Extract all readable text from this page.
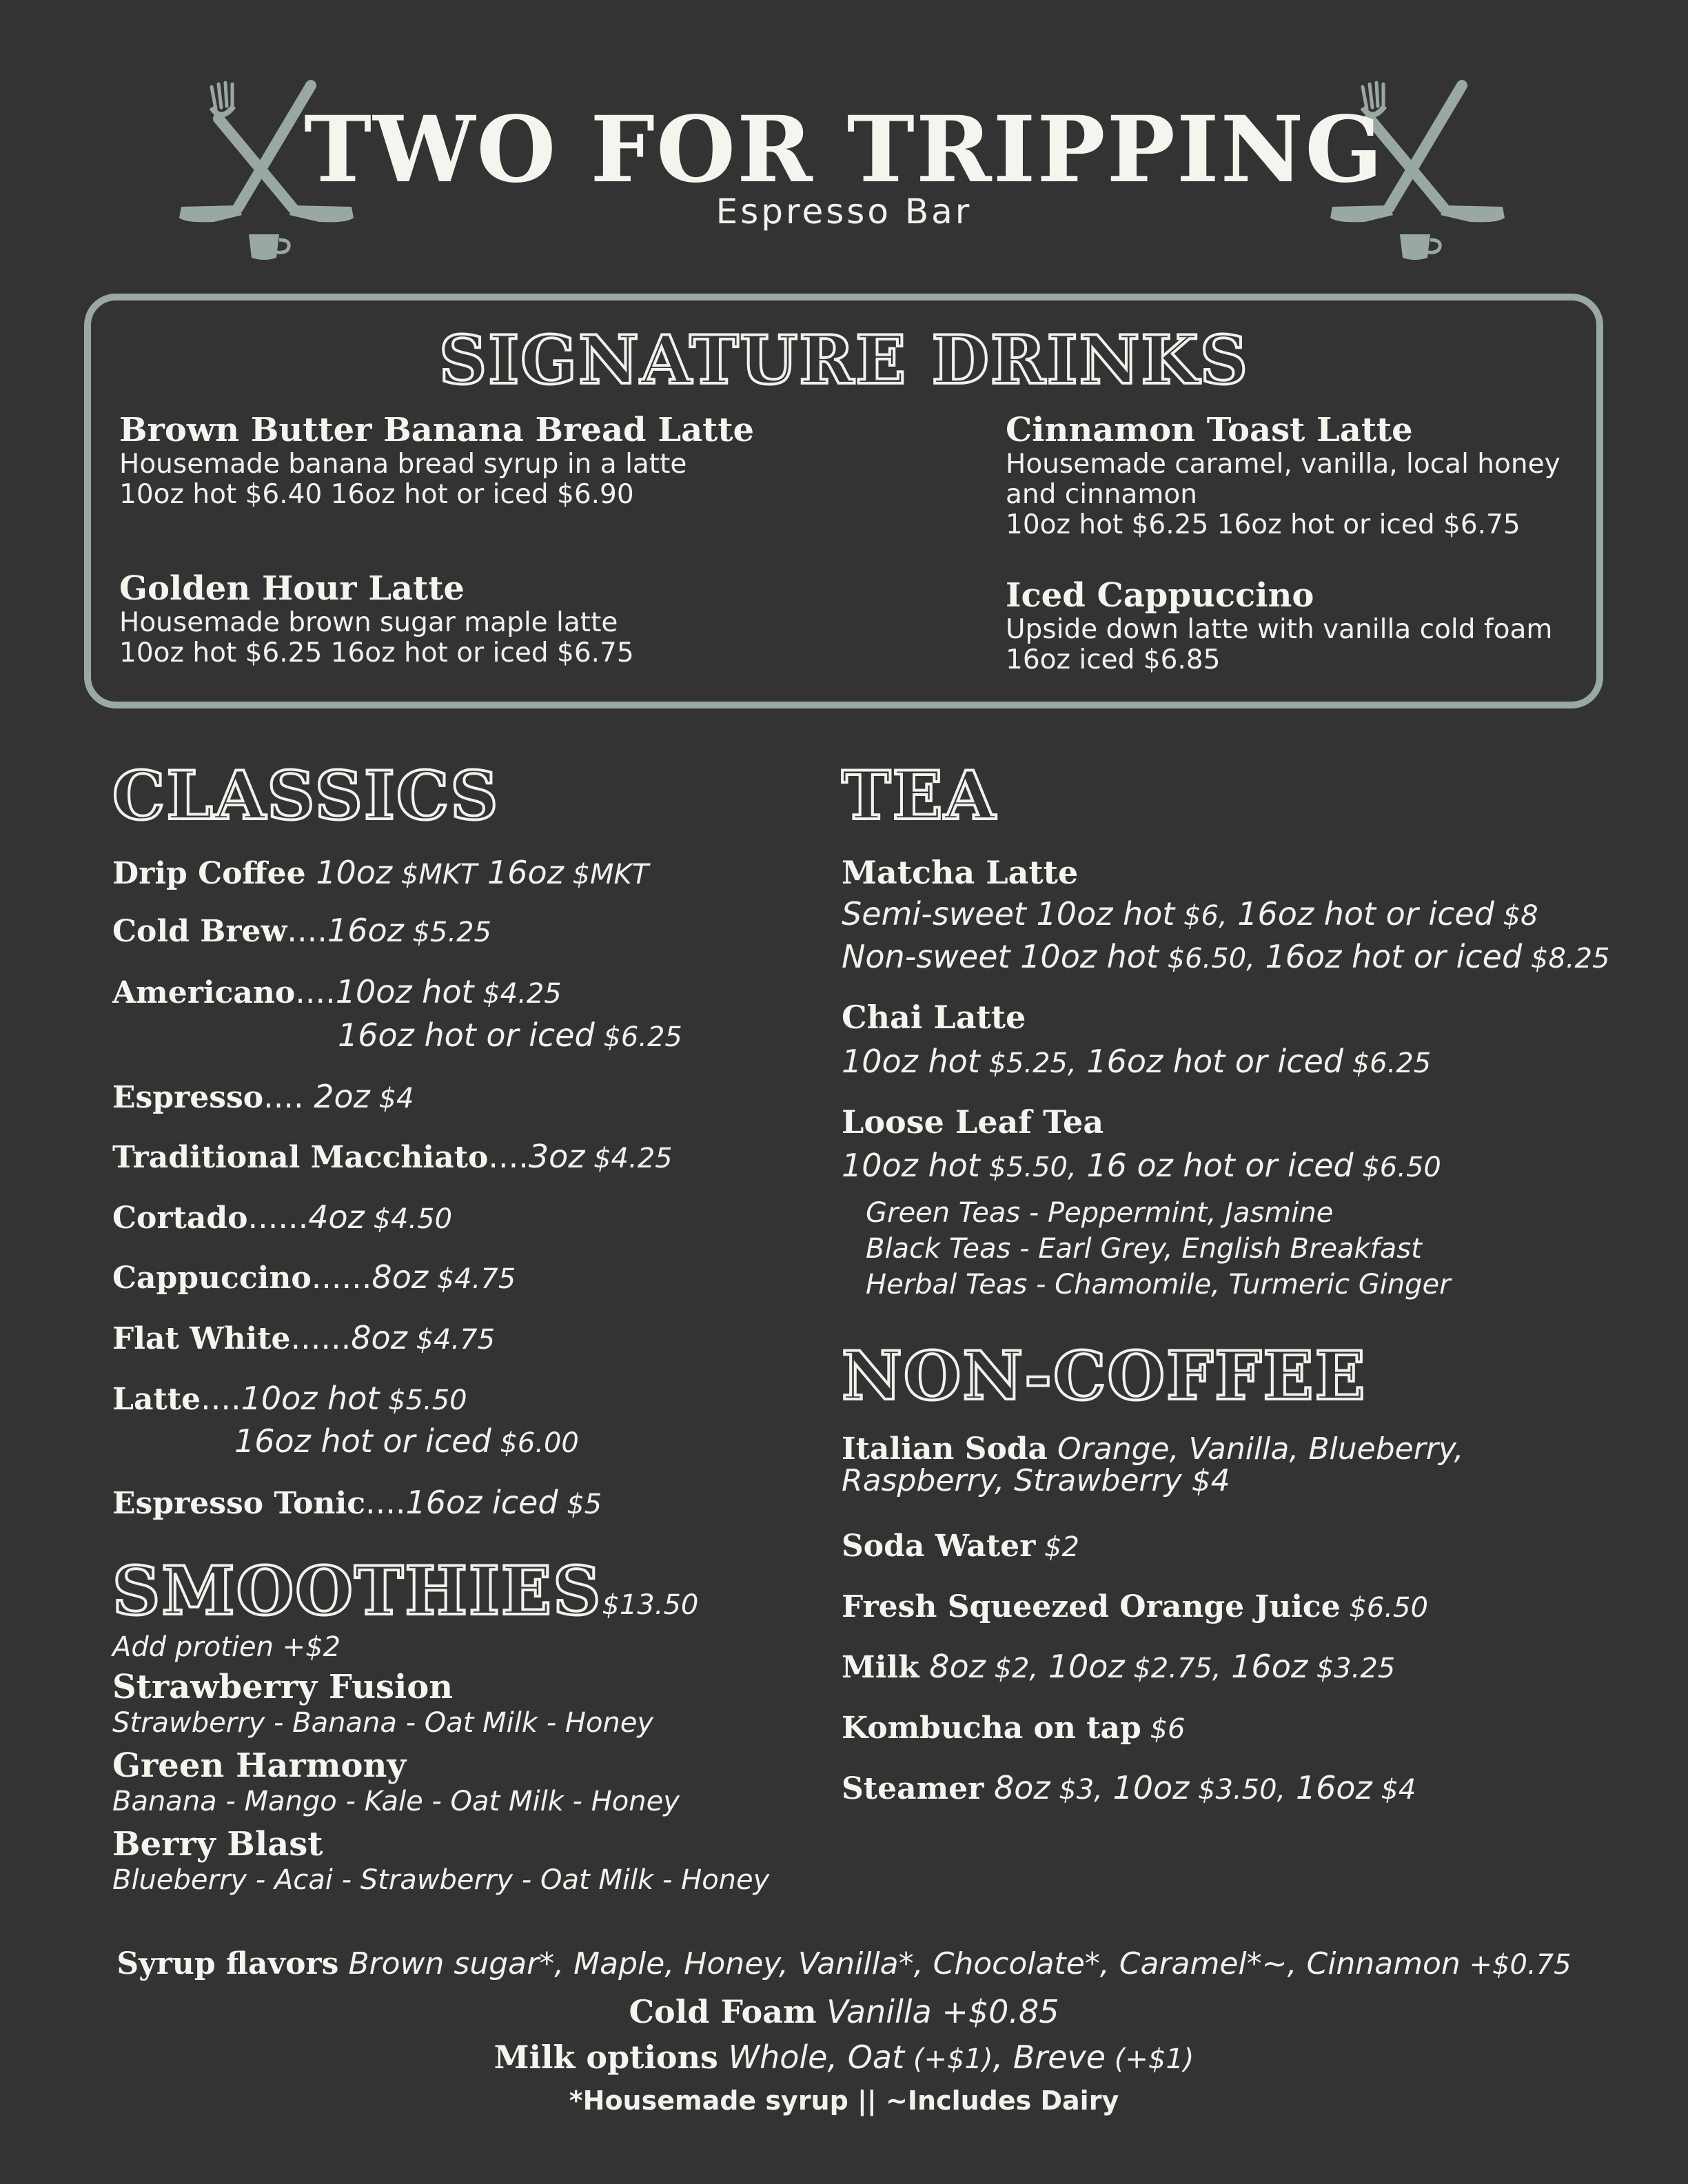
TWO FOR TRIPPING
Espresso Bar
SIGNATURE DRINKS
Brown Butter Banana Bread Latte
Housemade banana bread syrup in a latte
10oz hot $6.40 16oz hot or iced $6.90
Cinnamon Toast Latte
Housemade caramel, vanilla, local honey
and cinnamon
10oz hot $6.25 16oz hot or iced $6.75
Golden Hour Latte
Housemade brown sugar maple latte
10oz hot $6.25 16oz hot or iced $6.75
Iced Cappuccino
Upside down latte with vanilla cold foam
16oz iced $6.85
CLASSICS
Drip Coffee 10oz $MKT 16oz $MKT
Cold Brew....16oz $5.25
Americano....10oz hot $4.25
16oz hot or iced $6.25
Espresso.... 2oz $4
Traditional Macchiato....3oz $4.25
Cortado......4oz $4.50
Cappuccino......8oz $4.75
Flat White......8oz $4.75
Latte....10oz hot $5.50
16oz hot or iced $6.00
Espresso Tonic....16oz iced $5
SMOOTHIES$13.50
Add protien +$2
Strawberry Fusion
Strawberry - Banana - Oat Milk - Honey
Green Harmony
Banana - Mango - Kale - Oat Milk - Honey
Berry Blast
Blueberry - Acai - Strawberry - Oat Milk - Honey
TEA
Matcha Latte
Semi-sweet 10oz hot $6, 16oz hot or iced $8
Non-sweet 10oz hot $6.50, 16oz hot or iced $8.25
Chai Latte
10oz hot $5.25, 16oz hot or iced $6.25
Loose Leaf Tea
10oz hot $5.50, 16 oz hot or iced $6.50
Green Teas - Peppermint, Jasmine
Black Teas - Earl Grey, English Breakfast
Herbal Teas - Chamomile, Turmeric Ginger
NON-COFFEE
Italian Soda Orange, Vanilla, Blueberry,
Raspberry, Strawberry $4
Soda Water $2
Fresh Squeezed Orange Juice $6.50
Milk 8oz $2, 10oz $2.75, 16oz $3.25
Kombucha on tap $6
Steamer 8oz $3, 10oz $3.50, 16oz $4
Syrup flavors Brown sugar*, Maple, Honey, Vanilla*, Chocolate*, Caramel*~, Cinnamon +$0.75
Cold Foam Vanilla +$0.85
Milk options Whole, Oat (+$1), Breve (+$1)
*Housemade syrup || ~Includes Dairy
